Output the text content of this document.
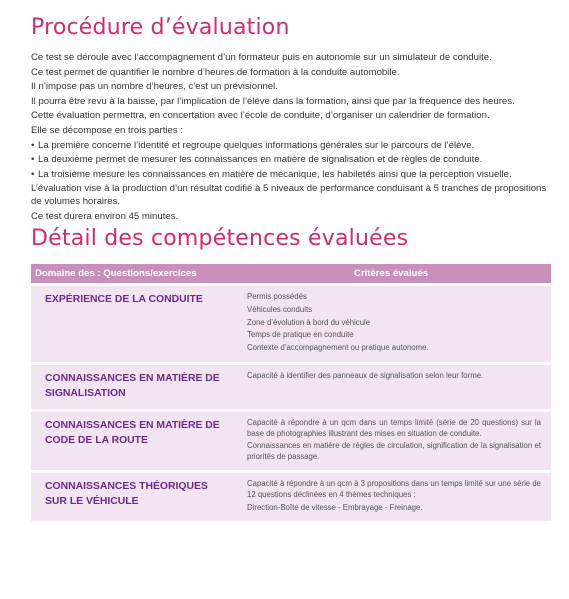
Procédure d’évaluation

Ce test se déroule avec l’accompagnement d’un formateur puis en autonomie sur un simulateur de conduite.

Ce test permet de quantifier le nombre d’heures de formation à la conduite automobile.

Il n’impose pas un nombre d’heures, c’est un prévisionnel.

Il pourra être revu à la baisse, par l’implication de l’élève dans la formation, ainsi que par la fréquence des heures.

Cette évaluation permettra, en concertation avec l’école de conduite, d’organiser un calendrier de formation.

Elle se décompose en trois parties :

• La première concerne l’identité et regroupe quelques informations générales sur le parcours de l’élève.
• La deuxième permet de mesurer les connaissances en matière de signalisation et de règles de conduite.
• La troisième mesure les connaissances en matière de mécanique, les habiletés ainsi que la perception visuelle.

L’évaluation vise à la production d’un résultat codifié à 5 niveaux de performance conduisant à 5 tranches de propositions de volumes horaires.

Ce test durera environ 45 minutes.

Détail des compétences évaluées
Domaine des : Questions/exercices	Critères évalués
EXPÉRIENCE DE LA CONDUITE	Permis possédés
Véhicules conduits
Zone d’évolution à bord du véhicule
Temps de pratique en conduite
Contexte d’accompagnement ou pratique autonome.

CONNAISSANCES EN MATIÈRE DE SIGNALISATION	Capacité à identifier des panneaux de signalisation selon leur forme.

CONNAISSANCES EN MATIÈRE DE CODE DE LA ROUTE	Capacité à répondre à un qcm dans un temps limité (série de 20 questions) sur la base de photographies illustrant des mises en situation de conduite.
Connaissances en matière de règles de circulation, signification de la signalisation et priorités de passage.

CONNAISSANCES THÉORIQUES SUR LE VÉHICULE	Capacité à répondre à un qcm à 3 propositions dans un temps limité sur une série de 12 questions déclinées en 4 thèmes techniques :
Direction-Boîte de vitesse - Embrayage - Freinage.
